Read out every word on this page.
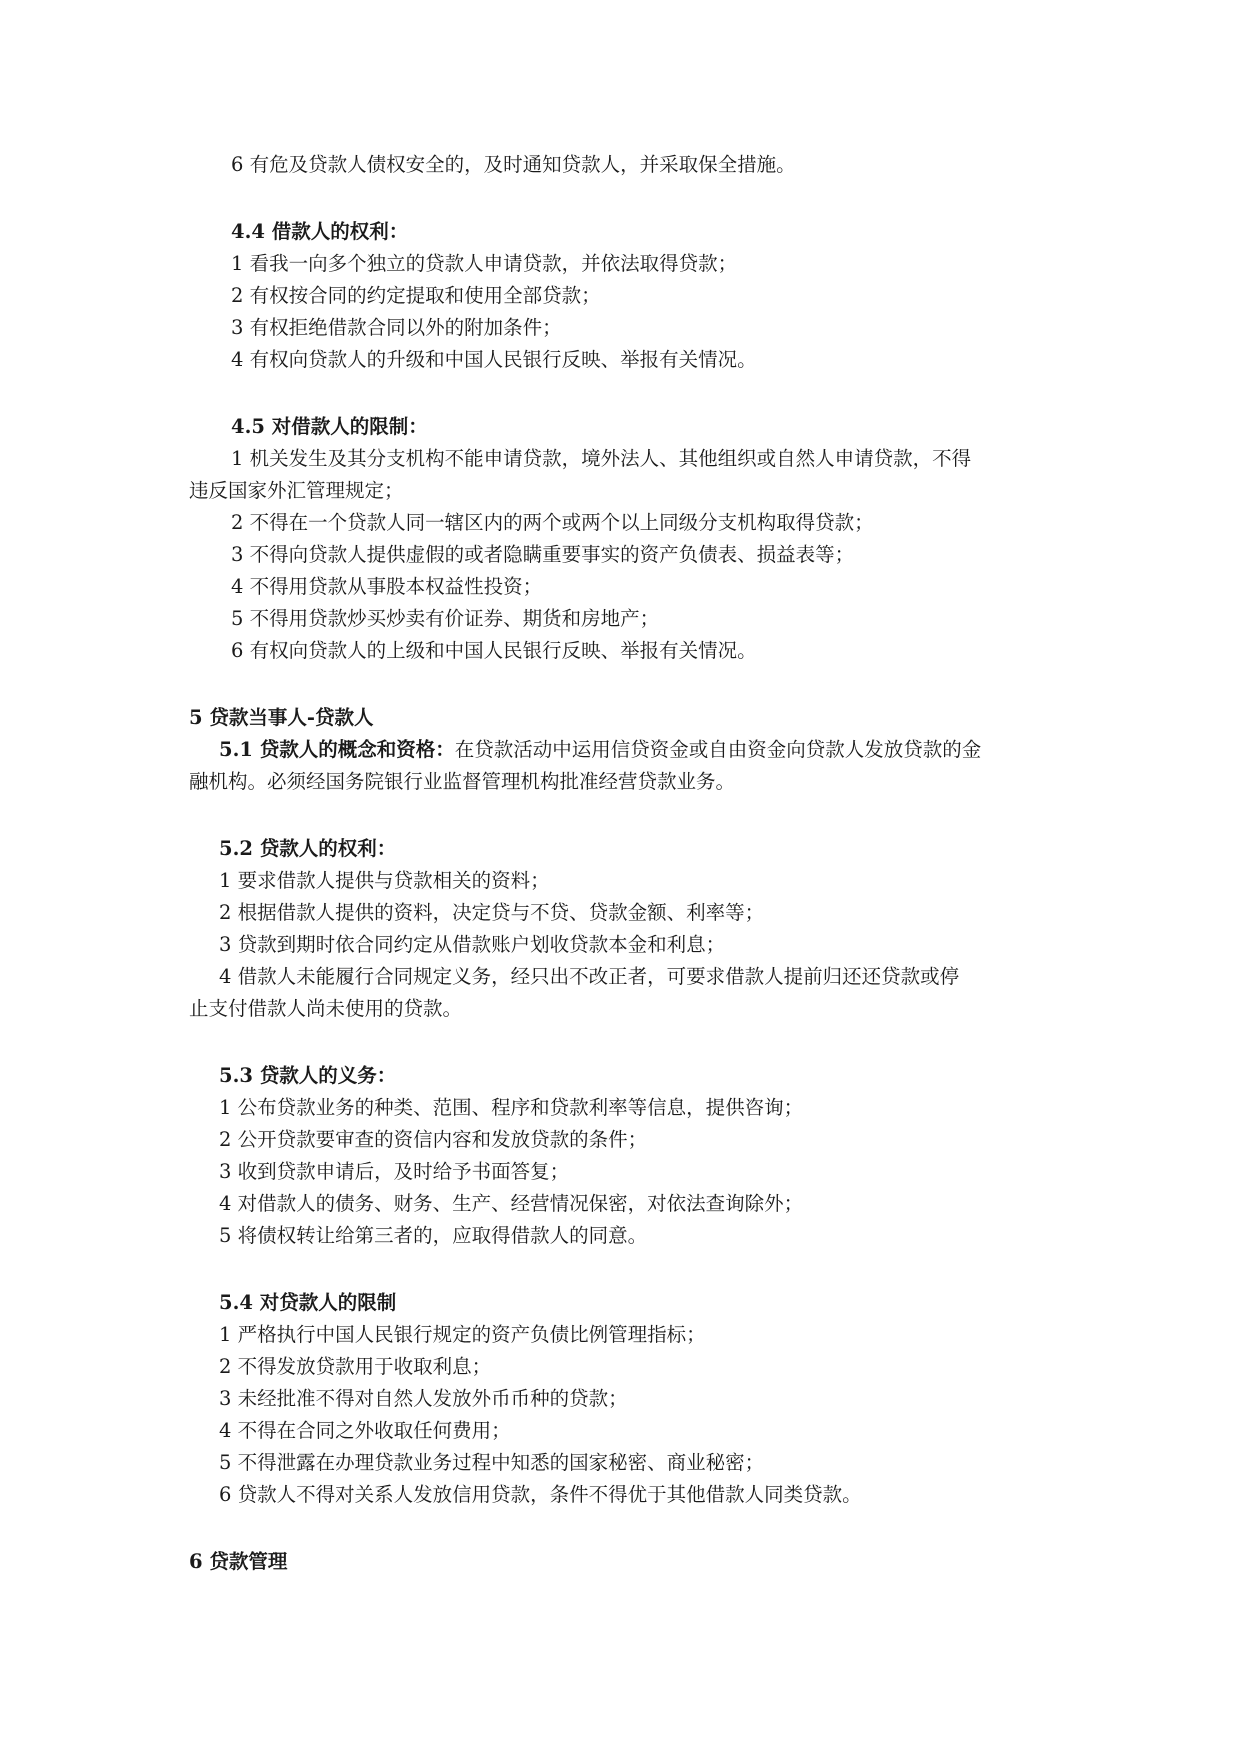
6 有危及贷款人债权安全的，及时通知贷款人，并采取保全措施。
4.4 借款人的权利：
1 看我一向多个独立的贷款人申请贷款，并依法取得贷款；
2 有权按合同的约定提取和使用全部贷款；
3 有权拒绝借款合同以外的附加条件；
4 有权向贷款人的升级和中国人民银行反映、举报有关情况。
4.5 对借款人的限制：
1 机关发生及其分支机构不能申请贷款，境外法人、其他组织或自然人申请贷款，不得
违反国家外汇管理规定；
2 不得在一个贷款人同一辖区内的两个或两个以上同级分支机构取得贷款；
3 不得向贷款人提供虚假的或者隐瞒重要事实的资产负债表、损益表等；
4 不得用贷款从事股本权益性投资；
5 不得用贷款炒买炒卖有价证券、期货和房地产；
6 有权向贷款人的上级和中国人民银行反映、举报有关情况。
5 贷款当事人-贷款人
5.1 贷款人的概念和资格：在贷款活动中运用信贷资金或自由资金向贷款人发放贷款的金
融机构。必须经国务院银行业监督管理机构批准经营贷款业务。
5.2 贷款人的权利：
1 要求借款人提供与贷款相关的资料；
2 根据借款人提供的资料，决定贷与不贷、贷款金额、利率等；
3 贷款到期时依合同约定从借款账户划收贷款本金和利息；
4 借款人未能履行合同规定义务，经只出不改正者，可要求借款人提前归还还贷款或停
止支付借款人尚未使用的贷款。
5.3 贷款人的义务：
1 公布贷款业务的种类、范围、程序和贷款利率等信息，提供咨询；
2 公开贷款要审查的资信内容和发放贷款的条件；
3 收到贷款申请后，及时给予书面答复；
4 对借款人的债务、财务、生产、经营情况保密，对依法查询除外；
5 将债权转让给第三者的，应取得借款人的同意。
5.4 对贷款人的限制
1 严格执行中国人民银行规定的资产负债比例管理指标；
2 不得发放贷款用于收取利息；
3 未经批准不得对自然人发放外币币种的贷款；
4 不得在合同之外收取任何费用；
5 不得泄露在办理贷款业务过程中知悉的国家秘密、商业秘密；
6 贷款人不得对关系人发放信用贷款，条件不得优于其他借款人同类贷款。
6 贷款管理
